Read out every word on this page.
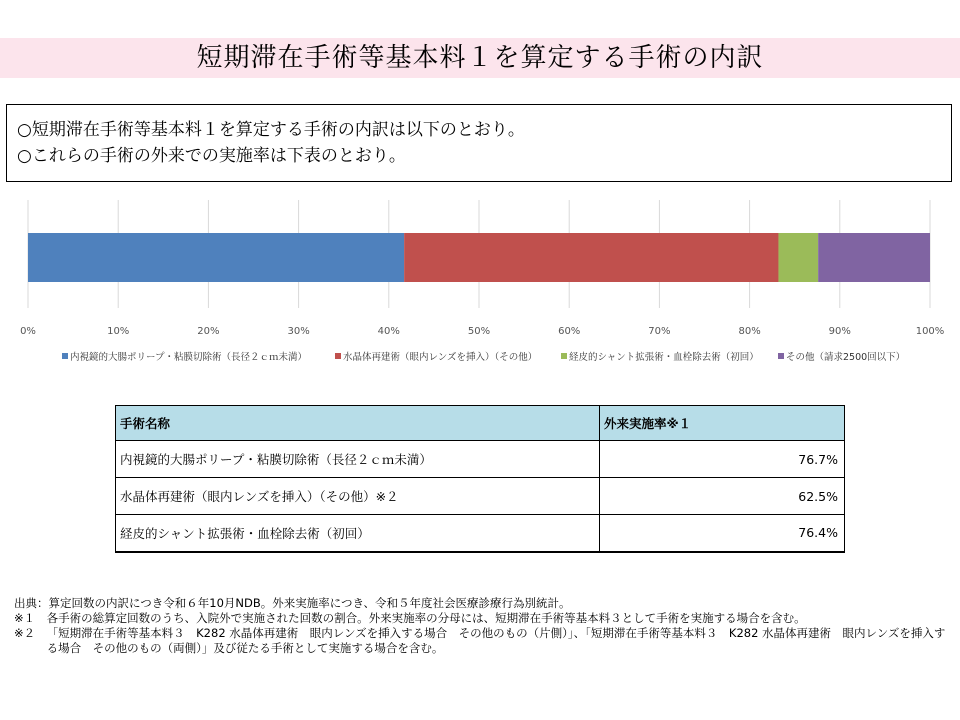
短期滞在手術等基本料１を算定する手術の内訳
○短期滞在手術等基本料１を算定する手術の内訳は以下のとおり。
○これらの手術の外来での実施率は下表のとおり。
0%	10%	20%	30%	40%	50%	60%	70%	80%	90%	100%
内視鏡的大腸ポリープ・粘膜切除術（長径２ｃｍ未満）	水晶体再建術（眼内レンズを挿入）（その他）	経皮的シャント拡張術・血栓除去術（初回）	その他（請求2500回以下）
手術名称	外来実施率※１
内視鏡的大腸ポリープ・粘膜切除術（長径２ｃｍ未満）	76.7%
水晶体再建術（眼内レンズを挿入）（その他）※２	62.5%
経皮的シャント拡張術・血栓除去術（初回）	76.4%
出典：算定回数の内訳につき令和６年10月NDB。外来実施率につき、令和５年度社会医療診療行為別統計。
※１　 各手術の総算定回数のうち、入院外で実施された回数の割合。外来実施率の分母には、短期滞在手術等基本料３として手術を実施する場合を含む。
※２　 「短期滞在手術等基本料３　K282 水晶体再建術　眼内レンズを挿入する場合　その他のもの（片側）」、「短期滞在手術等基本料３　K282 水晶体再建術　眼内レンズを挿入する場合　その他のもの（両側）」及び従たる手術として実施する場合を含む。
